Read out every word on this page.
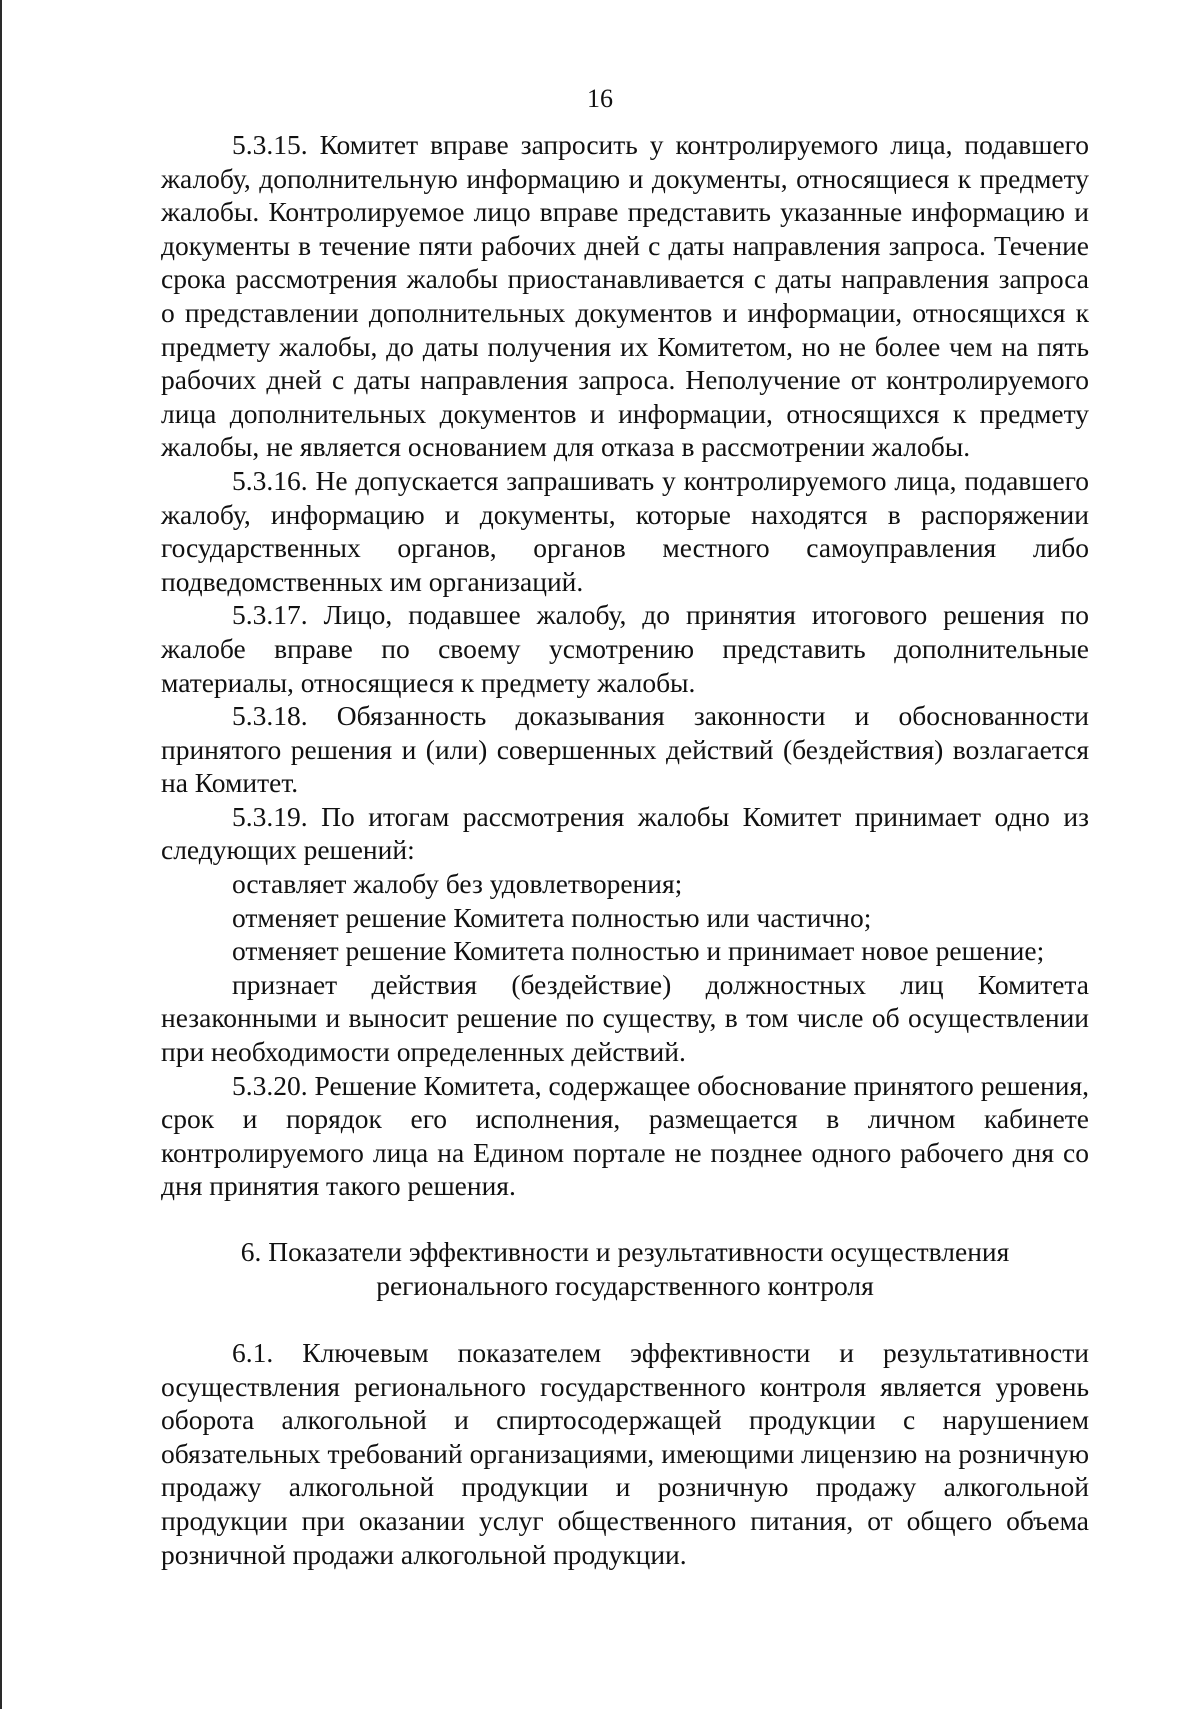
16

5.3.15. Комитет вправе запросить у контролируемого лица, подавшего жалобу, дополнительную информацию и документы, относящиеся к предмету жалобы. Контролируемое лицо вправе представить указанные информацию и документы в течение пяти рабочих дней с даты направления запроса. Течение срока рассмотрения жалобы приостанавливается с даты направления запроса о представлении дополнительных документов и информации, относящихся к предмету жалобы, до даты получения их Комитетом, но не более чем на пять рабочих дней с даты направления запроса. Неполучение от контролируемого лица дополнительных документов и информации, относящихся к предмету жалобы, не является основанием для отказа в рассмотрении жалобы.

5.3.16. Не допускается запрашивать у контролируемого лица, подавшего жалобу, информацию и документы, которые находятся в распоряжении государственных органов, органов местного самоуправления либо подведомственных им организаций.

5.3.17. Лицо, подавшее жалобу, до принятия итогового решения по жалобе вправе по своему усмотрению представить дополнительные материалы, относящиеся к предмету жалобы.

5.3.18. Обязанность доказывания законности и обоснованности принятого решения и (или) совершенных действий (бездействия) возлагается на Комитет.

5.3.19. По итогам рассмотрения жалобы Комитет принимает одно из следующих решений:

оставляет жалобу без удовлетворения;

отменяет решение Комитета полностью или частично;

отменяет решение Комитета полностью и принимает новое решение;

признает действия (бездействие) должностных лиц Комитета незаконными и выносит решение по существу, в том числе об осуществлении при необходимости определенных действий.

5.3.20. Решение Комитета, содержащее обоснование принятого решения, срок и порядок его исполнения, размещается в личном кабинете контролируемого лица на Едином портале не позднее одного рабочего дня со дня принятия такого решения.

6. Показатели эффективности и результативности осуществления
регионального государственного контроля

6.1. Ключевым показателем эффективности и результативности осуществления регионального государственного контроля является уровень оборота алкогольной и спиртосодержащей продукции с нарушением обязательных требований организациями, имеющими лицензию на розничную продажу алкогольной продукции и розничную продажу алкогольной продукции при оказании услуг общественного питания, от общего объема розничной продажи алкогольной продукции.
